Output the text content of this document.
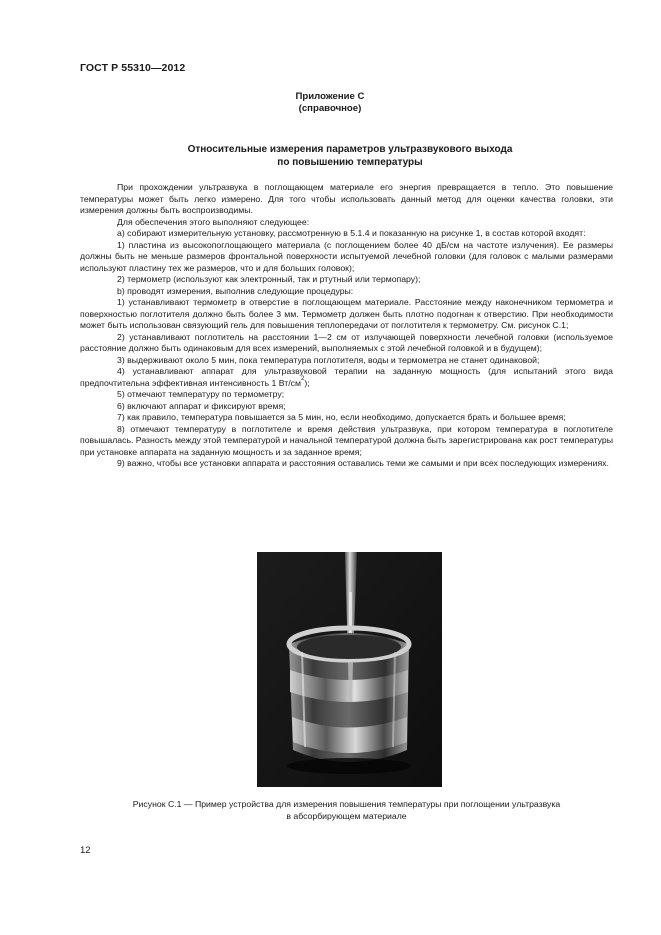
ГОСТ Р 55310—2012
Приложение С
(справочное)
Относительные измерения параметров ультразвукового выхода
по повышению температуры

При прохождении ультразвука в поглощающем материале его энергия превращается в тепло. Это повышение температуры может быть легко измерено. Для того чтобы использовать данный метод для оценки качества головки, эти измерения должны быть воспроизводимы.

Для обеспечения этого выполняют следующее:

а) собирают измерительную установку, рассмотренную в 5.1.4 и показанную на рисунке 1, в состав которой входят:

1) пластина из высокопоглощающего материала (с поглощением более 40 дБ/см на частоте излучения). Ее размеры должны быть не меньше размеров фронтальной поверхности испытуемой лечебной головки (для головок с малыми размерами используют пластину тех же размеров, что и для больших головок);

2) термометр (используют как электронный, так и ртутный или термопару);

b) проводят измерения, выполнив следующие процедуры:

1) устанавливают термометр в отверстие в поглощающем материале. Расстояние между наконечником термометра и поверхностью поглотителя должно быть более 3 мм. Термометр должен быть плотно подогнан к отверстию. При необходимости может быть использован связующий гель для повышения теплопередачи от поглотителя к термометру. См. рисунок С.1;

2) устанавливают поглотитель на расстоянии 1—2 см от излучающей поверхности лечебной головки (используемое расстояние должно быть одинаковым для всех измерений, выполняемых с этой лечебной головкой и в будущем);

3) выдерживают около 5 мин, пока температура поглотителя, воды и термометра не станет одинаковой;

4) устанавливают аппарат для ультразвуковой терапии на заданную мощность (для испытаний этого вида предпочтительна эффективная интенсивность 1 $Вт/см^2$);

5) отмечают температуру по термометру;

6) включают аппарат и фиксируют время;

7) как правило, температура повышается за 5 мин, но, если необходимо, допускается брать и большее время;

8) отмечают температуру в поглотителе и время действия ультразвука, при котором температура в поглотителе повышалась. Разность между этой температурой и начальной температурой должна быть зарегистрирована как рост температуры при установке аппарата на заданную мощность и за заданное время;

9) важно, чтобы все установки аппарата и расстояния оставались теми же самыми и при всех последующих измерениях.

Рисунок С.1 — Пример устройства для измерения повышения температуры при поглощении ультразвука
в абсорбирующем материале
12
